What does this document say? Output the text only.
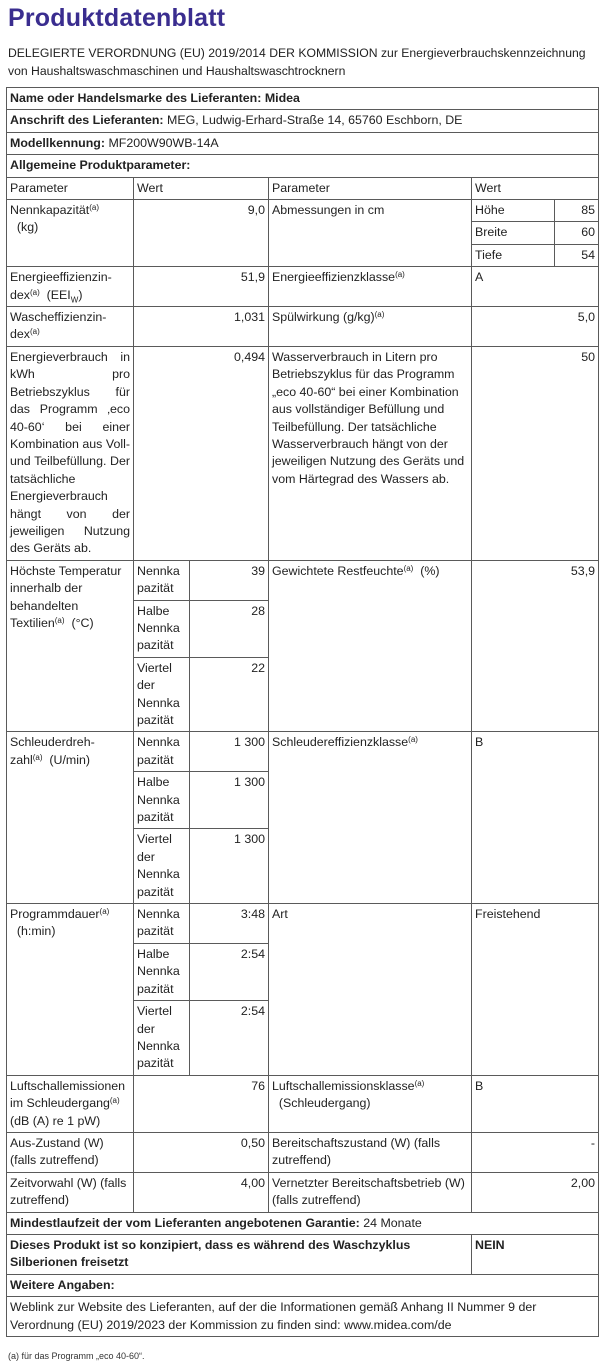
Produktdatenblatt
DELEGIERTE VERORDNUNG (EU) 2019/2014 DER KOMMISSION zur Energieverbrauchskennzeichnung von Haushaltswaschmaschinen und Haushaltswaschtrocknern
Name oder Handelsmarke des Lieferanten: Midea
Anschrift des Lieferanten: MEG, Ludwig-Erhard-Straße 14, 65760 Eschborn, DE
Modellkennung: MF200W90WB-14A
Allgemeine Produktparameter:
Parameter	Wert	Parameter	Wert
Nennkapazität$^{(a)}$
(kg)	9,0	Abmessungen in cm		Höhe	85
Breite	60
Tiefe	54

Energieeffizienzin-
dex$^{(a)}$ $(EEI_W)$	51,9	Energieeffizienzklasse$^{(a)}$	A
Wascheffizienzin-
dex$^{(a)}$	1,031	Spülwirkung $(g/kg)^{(a)}$	5,0
Energieverbrauch in kWh pro Betriebszyklus für das Programm ‚eco 40-60‘ bei einer Kombination aus Voll- und Teilbefüllung. Der tatsächliche Energieverbrauch hängt von der jeweiligen Nutzung des Geräts ab.	0,494	Wasserverbrauch in Litern pro Betriebszyklus für das Programm „eco 40-60“ bei einer Kombination aus vollständiger Befüllung und Teilbefüllung. Der tatsächliche Wasserverbrauch hängt von der jeweiligen Nutzung des Geräts und vom Härtegrad des Wassers ab.	50
Höchste Temperatur innerhalb der behandelten Textilien$^{(a)}$ (°C)	Nennkapazität	39	Gewichtete Restfeuchte$^{(a)}$ (%)	53,9
Halbe Nennkapazität	28
Viertel der Nennkapazität	22
Schleuderdreh-
zahl$^{(a)}$ (U/min)	Nennkapazität	1 300	Schleudereffizienzklasse$^{(a)}$	B
Halbe Nennkapazität	1 300
Viertel der Nennkapazität	1 300
Programmdauer$^{(a)}$
(h:min)	Nennkapazität	3:48	Art	Freistehend
Halbe Nennkapazität	2:54
Viertel der Nennkapazität	2:54
Luftschallemissionen im Schleudergang$^{(a)}$ (dB (A) re 1 pW)	76	Luftschallemissionsklasse$^{(a)}$
(Schleudergang)	B
Aus-Zustand (W) (falls zutreffend)	0,50	Bereitschaftszustand (W) (falls zutreffend)	-
Zeitvorwahl (W) (falls zutreffend)	4,00	Vernetzter Bereitschaftsbetrieb (W) (falls zutreffend)	2,00
Mindestlaufzeit der vom Lieferanten angebotenen Garantie: 24 Monate
Dieses Produkt ist so konzipiert, dass es während des Waschzyklus Silberionen freisetzt	NEIN
Weitere Angaben:
Weblink zur Website des Lieferanten, auf der die Informationen gemäß Anhang II Nummer 9 der Verordnung (EU) 2019/2023 der Kommission zu finden sind: www.midea.com/de
(a) für das Programm „eco 40-60“.
